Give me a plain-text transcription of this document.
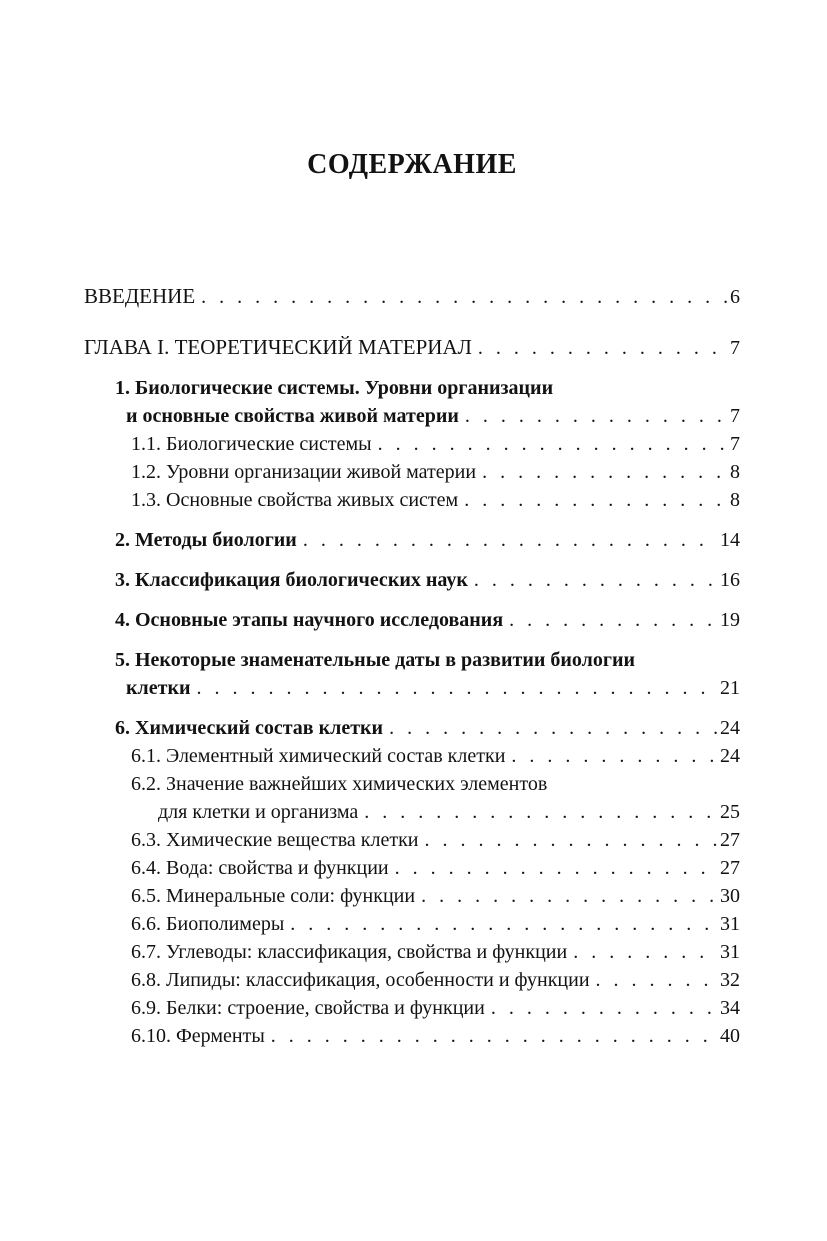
СОДЕРЖАНИЕ
ВВЕДЕНИЕ . . .	6
ГЛАВА I. ТЕОРЕТИЧЕСКИЙ МАТЕРИАЛ . . .	7
1. Биологические системы. Уровни организации
и основные свойства живой материи . . .	7
1.1. Биологические системы . . .	7
1.2. Уровни организации живой материи . . .	8
1.3. Основные свойства живых систем . . .	8
2. Методы биологии . . .	14
3. Классификация биологических наук . . .	16
4. Основные этапы научного исследования . . .	19
5. Некоторые знаменательные даты в развитии биологии
клетки . . .	21
6. Химический состав клетки . . .	24
6.1. Элементный химический состав клетки . . .	24
6.2. Значение важнейших химических элементов
для клетки и организма . . .	25
6.3. Химические вещества клетки . . .	27
6.4. Вода: свойства и функции . . .	27
6.5. Минеральные соли: функции . . .	30
6.6. Биополимеры . . .	31
6.7. Углеводы: классификация, свойства и функции . . .	31
6.8. Липиды: классификация, особенности и функции . . .	32
6.9. Белки: строение, свойства и функции . . .	34
6.10. Ферменты . . .	40
